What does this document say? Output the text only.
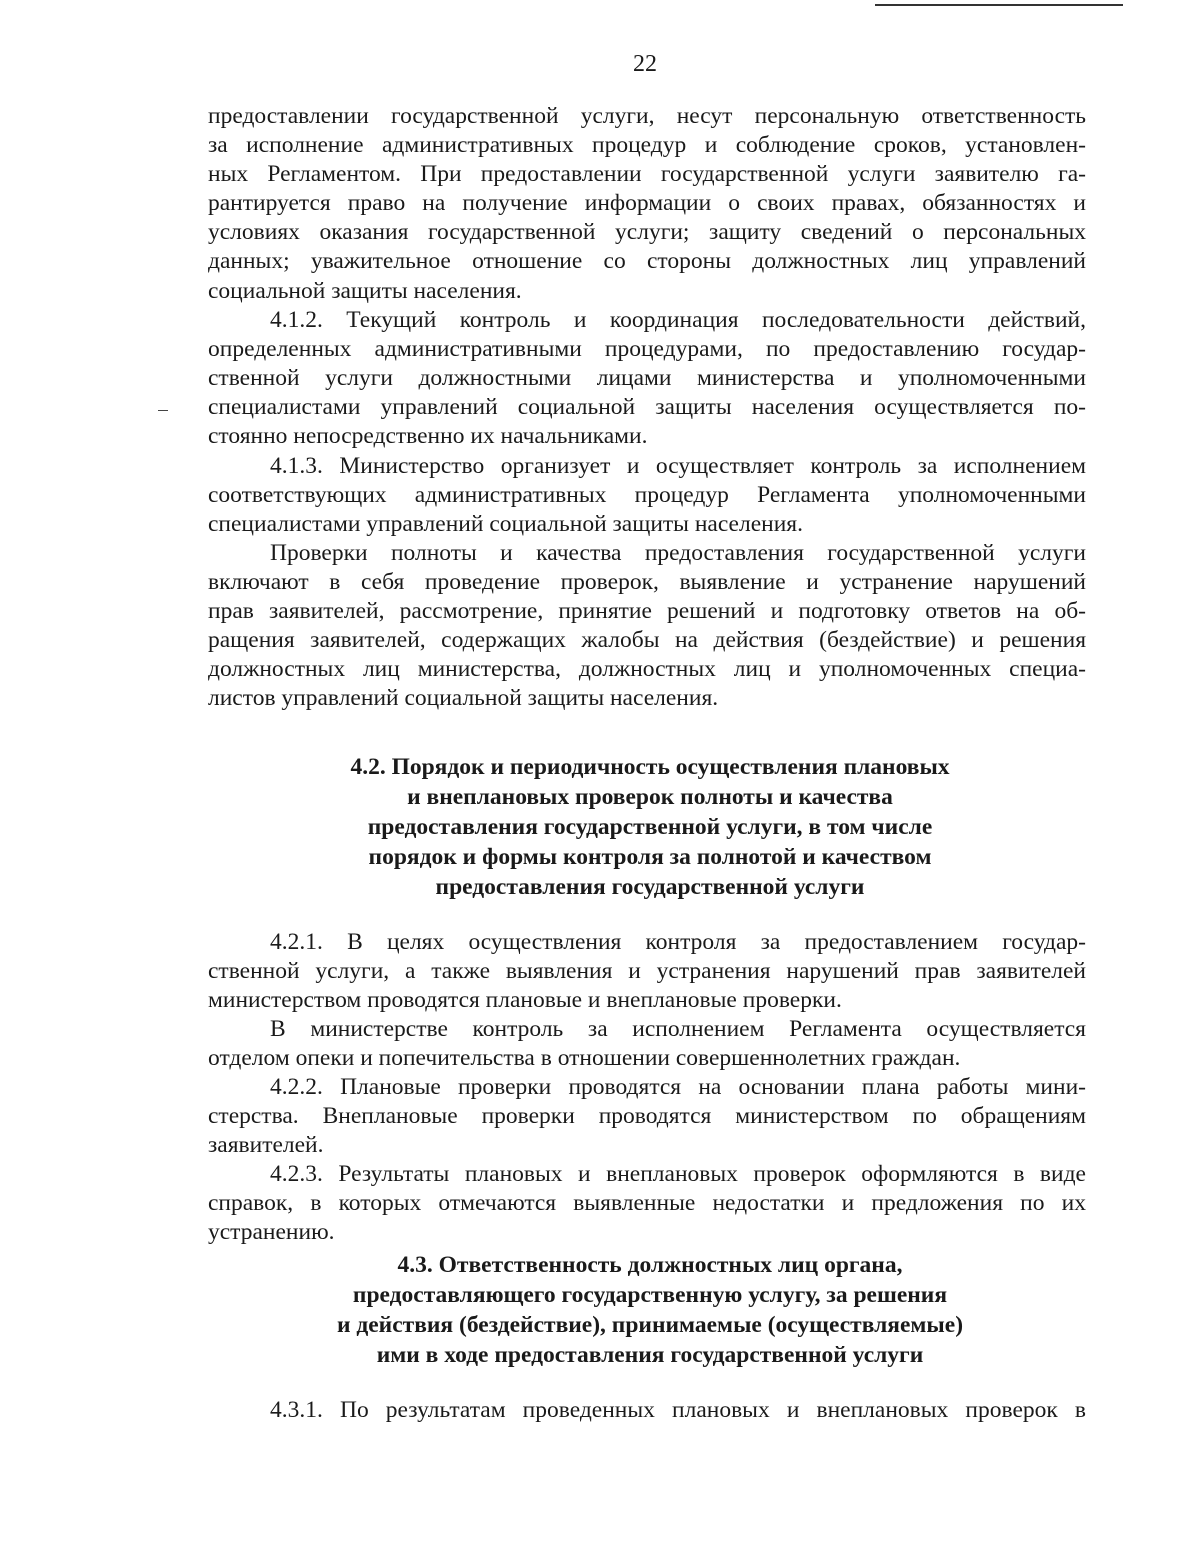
22
предоставлении государственной услуги, несут персональную ответственность
за исполнение административных процедур и соблюдение сроков, установлен-
ных Регламентом. При предоставлении государственной услуги заявителю га-
рантируется право на получение информации о своих правах, обязанностях и
условиях оказания государственной услуги; защиту сведений о персональных
данных; уважительное отношение со стороны должностных лиц управлений
социальной защиты населения.
4.1.2. Текущий контроль и координация последовательности действий,
определенных административными процедурами, по предоставлению государ-
ственной услуги должностными лицами министерства и уполномоченными
специалистами управлений социальной защиты населения осуществляется по-
стоянно непосредственно их начальниками.
4.1.3. Министерство организует и осуществляет контроль за исполнением
соответствующих административных процедур Регламента уполномоченными
специалистами управлений социальной защиты населения.
Проверки полноты и качества предоставления государственной услуги
включают в себя проведение проверок, выявление и устранение нарушений
прав заявителей, рассмотрение, принятие решений и подготовку ответов на об-
ращения заявителей, содержащих жалобы на действия (бездействие) и решения
должностных лиц министерства, должностных лиц и уполномоченных специа-
листов управлений социальной защиты населения.
4.2. Порядок и периодичность осуществления плановых
и внеплановых проверок полноты и качества
предоставления государственной услуги, в том числе
порядок и формы контроля за полнотой и качеством
предоставления государственной услуги
4.2.1. В целях осуществления контроля за предоставлением государ-
ственной услуги, а также выявления и устранения нарушений прав заявителей
министерством проводятся плановые и внеплановые проверки.
В министерстве контроль за исполнением Регламента осуществляется
отделом опеки и попечительства в отношении совершеннолетних граждан.
4.2.2. Плановые проверки проводятся на основании плана работы мини-
стерства. Внеплановые проверки проводятся министерством по обращениям
заявителей.
4.2.3. Результаты плановых и внеплановых проверок оформляются в виде
справок, в которых отмечаются выявленные недостатки и предложения по их
устранению.
4.3. Ответственность должностных лиц органа,
предоставляющего государственную услугу, за решения
и действия (бездействие), принимаемые (осуществляемые)
ими в ходе предоставления государственной услуги
4.3.1. По результатам проведенных плановых и внеплановых проверок в
